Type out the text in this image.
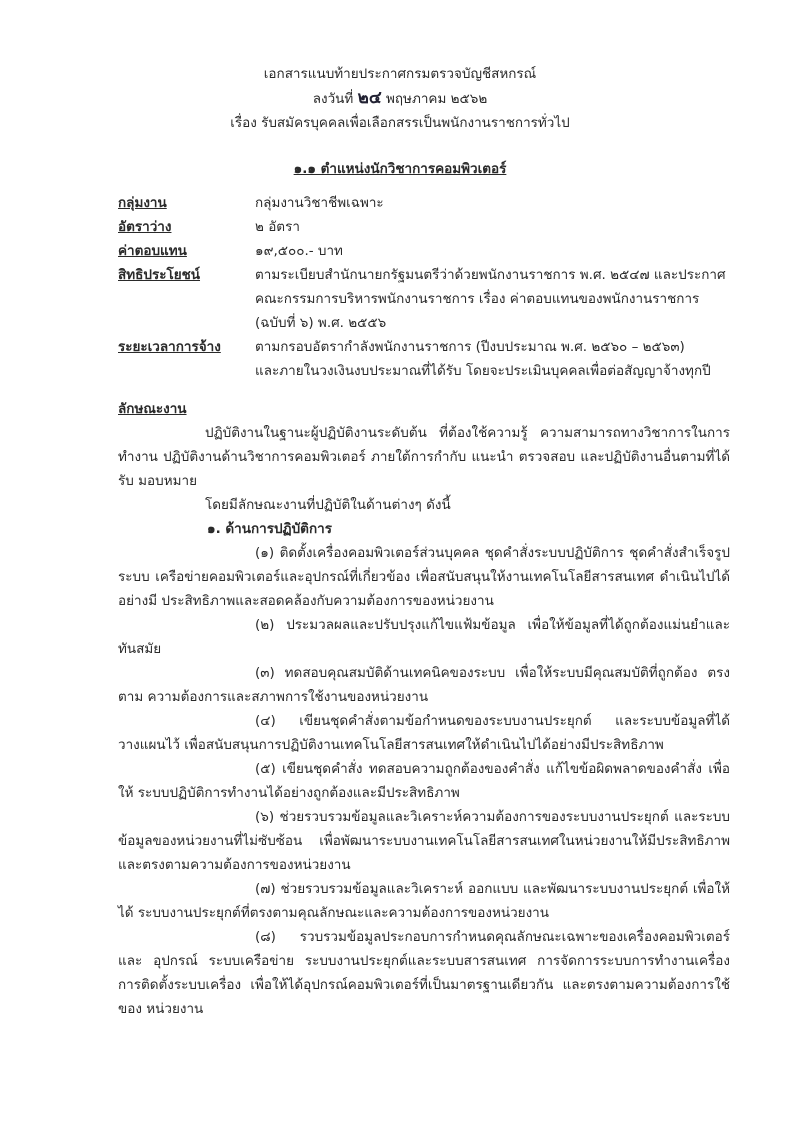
เอกสารแนบท้ายประกาศกรมตรวจบัญชีสหกรณ์
ลงวันที่ ๒๔ พฤษภาคม ๒๕๖๒
เรื่อง รับสมัครบุคคลเพื่อเลือกสรรเป็นพนักงานราชการทั่วไป
๑.๑ ตำแหน่งนักวิชาการคอมพิวเตอร์
กลุ่มงาน	กลุ่มงานวิชาชีพเฉพาะ
อัตราว่าง	๒ อัตรา
ค่าตอบแทน	๑๙,๕๐๐.- บาท
สิทธิประโยชน์	ตามระเบียบสำนักนายกรัฐมนตรีว่าด้วยพนักงานราชการ พ.ศ. ๒๕๔๗ และประกาศ
คณะกรรมการบริหารพนักงานราชการ เรื่อง ค่าตอบแทนของพนักงานราชการ
(ฉบับที่ ๖) พ.ศ. ๒๕๕๖
ระยะเวลาการจ้าง	ตามกรอบอัตรากำลังพนักงานราชการ (ปีงบประมาณ พ.ศ. ๒๕๖๐ – ๒๕๖๓)
และภายในวงเงินงบประมาณที่ได้รับ โดยจะประเมินบุคคลเพื่อต่อสัญญาจ้างทุกปี
ลักษณะงาน

ปฏิบัติงานในฐานะผู้ปฏิบัติงานระดับต้น ที่ต้องใช้ความรู้ ความสามารถทางวิชาการในการทำงาน ปฏิบัติงานด้านวิชาการคอมพิวเตอร์ ภายใต้การกำกับ แนะนำ ตรวจสอบ และปฏิบัติงานอื่นตามที่ได้รับ มอบหมาย

โดยมีลักษณะงานที่ปฏิบัติในด้านต่างๆ ดังนี้
๑. ด้านการปฏิบัติการ

(๑) ติดตั้งเครื่องคอมพิวเตอร์ส่วนบุคคล ชุดคำสั่งระบบปฏิบัติการ ชุดคำสั่งสำเร็จรูประบบ เครือข่ายคอมพิวเตอร์และอุปกรณ์ที่เกี่ยวข้อง เพื่อสนับสนุนให้งานเทคโนโลยีสารสนเทศ ดำเนินไปได้อย่างมี ประสิทธิภาพและสอดคล้องกับความต้องการของหน่วยงาน

(๒) ประมวลผลและปรับปรุงแก้ไขแฟ้มข้อมูล เพื่อให้ข้อมูลที่ได้ถูกต้องแม่นยำและทันสมัย

(๓) ทดสอบคุณสมบัติด้านเทคนิคของระบบ เพื่อให้ระบบมีคุณสมบัติที่ถูกต้อง ตรงตาม ความต้องการและสภาพการใช้งานของหน่วยงาน

(๔) เขียนชุดคำสั่งตามข้อกำหนดของระบบงานประยุกต์ และระบบข้อมูลที่ได้วางแผนไว้ เพื่อสนับสนุนการปฏิบัติงานเทคโนโลยีสารสนเทศให้ดำเนินไปได้อย่างมีประสิทธิภาพ

(๕) เขียนชุดคำสั่ง ทดสอบความถูกต้องของคำสั่ง แก้ไขข้อผิดพลาดของคำสั่ง เพื่อให้ ระบบปฏิบัติการทำงานได้อย่างถูกต้องและมีประสิทธิภาพ

(๖) ช่วยรวบรวมข้อมูลและวิเคราะห์ความต้องการของระบบงานประยุกต์ และระบบ ข้อมูลของหน่วยงานที่ไม่ซับซ้อน เพื่อพัฒนาระบบงานเทคโนโลยีสารสนเทศในหน่วยงานให้มีประสิทธิภาพ และตรงตามความต้องการของหน่วยงาน

(๗) ช่วยรวบรวมข้อมูลและวิเคราะห์ ออกแบบ และพัฒนาระบบงานประยุกต์ เพื่อให้ได้ ระบบงานประยุกต์ที่ตรงตามคุณลักษณะและความต้องการของหน่วยงาน

(๘) รวบรวมข้อมูลประกอบการกำหนดคุณลักษณะเฉพาะของเครื่องคอมพิวเตอร์และ อุปกรณ์ ระบบเครือข่าย ระบบงานประยุกต์และระบบสารสนเทศ การจัดการระบบการทำงานเครื่อง การติดตั้งระบบเครื่อง เพื่อให้ได้อุปกรณ์คอมพิวเตอร์ที่เป็นมาตรฐานเดียวกัน และตรงตามความต้องการใช้ของ หน่วยงาน
